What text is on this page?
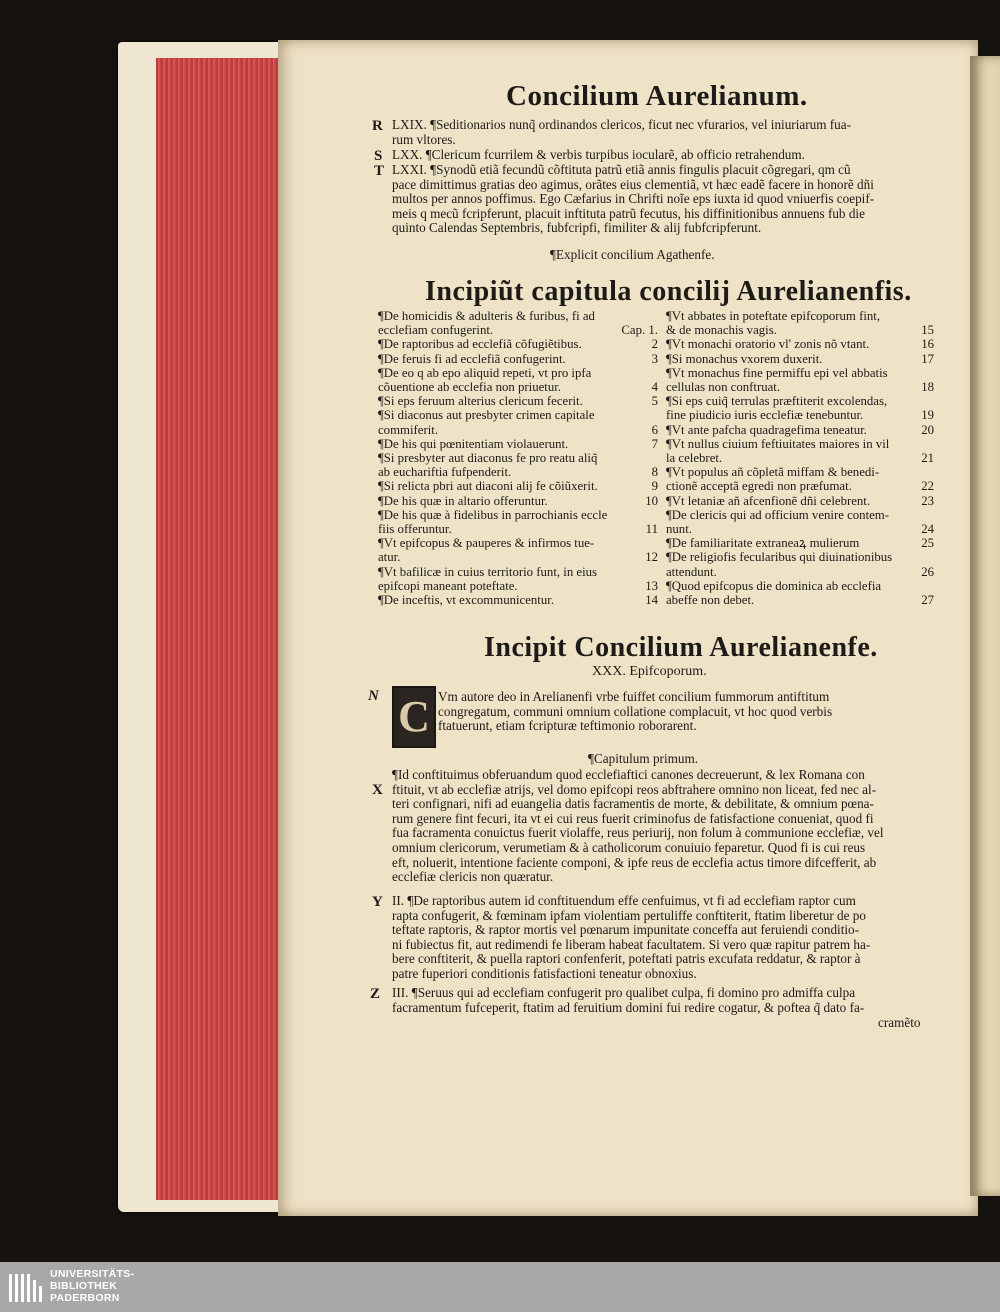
Concilium Aurelianum.
R LXIX. ¶Seditionarios nunq̃ ordinandos clericos, ficut nec vfurarios, vel iniuriarum fua-
rum vltores.
S LXX. ¶Clericum fcurrilem & verbis turpibus iocularẽ, ab officio retrahendum.
T LXXI. ¶Synodũ etiã fecundũ cõftituta patrũ etiã annis fingulis placuit cõgregari, qm cũ
pace dimittimus gratias deo agimus, orãtes eius clementiã, vt hæc eadẽ facere in honorẽ dñi
multos per annos poffimus. Ego Cæfarius in Chrifti noĩe eps iuxta id quod vniuerfis coepif-
meis q mecũ fcripferunt, placuit inftituta patrũ fecutus, his diffinitionibus annuens fub die
quinto Calendas Septembris, fubfcripfi, fimiliter & alij fubfcripferunt.
¶Explicit concilium Agathenfe.
Incipiũt capitula concilij Aurelianenfis.
¶De homicidis & adulteris & furibus, fi ad
ecclefiam confugerint.	Cap. 1.
¶De raptoribus ad ecclefiã cõfugiẽtibus.	2
¶De feruis fi ad ecclefiã confugerint.	3
¶De eo q ab epo aliquid repeti, vt pro ipfa
cõuentione ab ecclefia non priuetur.	4
¶Si eps feruum alterius clericum fecerit.	5
¶Si diaconus aut presbyter crimen capitale
commiferit.	6
¶De his qui pœnitentiam violauerunt.	7
¶Si presbyter aut diaconus fe pro reatu aliq̃
ab euchariftia fufpenderit.	8
¶Si relicta pbri aut diaconi alij fe cõiũxerit.	9
¶De his quæ in altario offeruntur.	10
¶De his quæ à fidelibus in parrochianis eccle
fiis offeruntur.	11
¶Vt epifcopus & pauperes & infirmos tue-
atur.	12
¶Vt bafilicæ in cuius territorio funt, in eius
epifcopi maneant poteftate.	13
¶De inceftis, vt excommunicentur.	14
¶Vt abbates in poteftate epifcoporum fint,
& de monachis vagis.	15
¶Vt monachi oratorio vl' zonis nõ vtant.	16
¶Si monachus vxorem duxerit.	17
¶Vt monachus fine permiffu epi vel abbatis
cellulas non conftruat.	18
¶Si eps cuiq̃ terrulas præftiterit excolendas,
fine piudicio iuris ecclefiæ tenebuntur.	19
¶Vt ante pafcha quadragefima teneatur.	20
¶Vt nullus ciuium feftiuitates maiores in vil
la celebret.	21
¶Vt populus añ cõpletã miffam & benedi-
ctionẽ acceptã egredi non præfumat.	22
¶Vt letaniæ añ afcenfionẽ dñi celebrent.	23
¶De clericis qui ad officium venire contem-
nunt.	24
¶De familiaritate extraneaꝝ mulierum	25
¶De religiofis fecularibus qui diuinationibus
attendunt.	26
¶Quod epifcopus die dominica ab ecclefia
abeffe non debet.	27
Incipit Concilium Aurelianenfe.
XXX. Epifcoporum.
N C Vm autore deo in Arelianenfi vrbe fuiffet concilium fummorum antiftitum
congregatum, communi omnium collatione complacuit, vt hoc quod verbis
ftatuerunt, etiam fcripturæ teftimonio roborarent.
¶Capitulum primum.
X
¶Id conftituimus obferuandum quod ecclefiaftici canones decreuerunt, & lex Romana con
ftituit, vt ab ecclefiæ atrijs, vel domo epifcopi reos abftrahere omnino non liceat, fed nec al-
teri confignari, nifi ad euangelia datis facramentis de morte, & debilitate, & omnium pœna-
rum genere fint fecuri, ita vt ei cui reus fuerit criminofus de fatisfactione conueniat, quod fi
fua facramenta conuictus fuerit violaffe, reus periurij, non folum à communione ecclefiæ, vel
omnium clericorum, verumetiam & à catholicorum conuiuio feparetur. Quod fi is cui reus
eft, noluerit, intentione faciente componi, & ipfe reus de ecclefia actus timore difcefferit, ab
ecclefiæ clericis non quæratur.
Y II. ¶De raptoribus autem id conftituendum effe cenfuimus, vt fi ad ecclefiam raptor cum
rapta confugerit, & fœminam ipfam violentiam pertuliffe conftiterit, ftatim liberetur de po
teftate raptoris, & raptor mortis vel pœnarum impunitate conceffa aut feruiendi conditio-
ni fubiectus fit, aut redimendi fe liberam habeat facultatem. Si vero quæ rapitur patrem ha-
bere conftiterit, & puella raptori confenferit, poteftati patris excufata reddatur, & raptor à
patre fuperiori conditionis fatisfactioni teneatur obnoxius.
Z III. ¶Seruus qui ad ecclefiam confugerit pro qualibet culpa, fi domino pro admiffa culpa
facramentum fufceperit, ftatim ad feruitium domini fui redire cogatur, & poftea q̃ dato fa-
cramẽto
UNIVERSITÄTS-
BIBLIOTHEK
PADERBORN
